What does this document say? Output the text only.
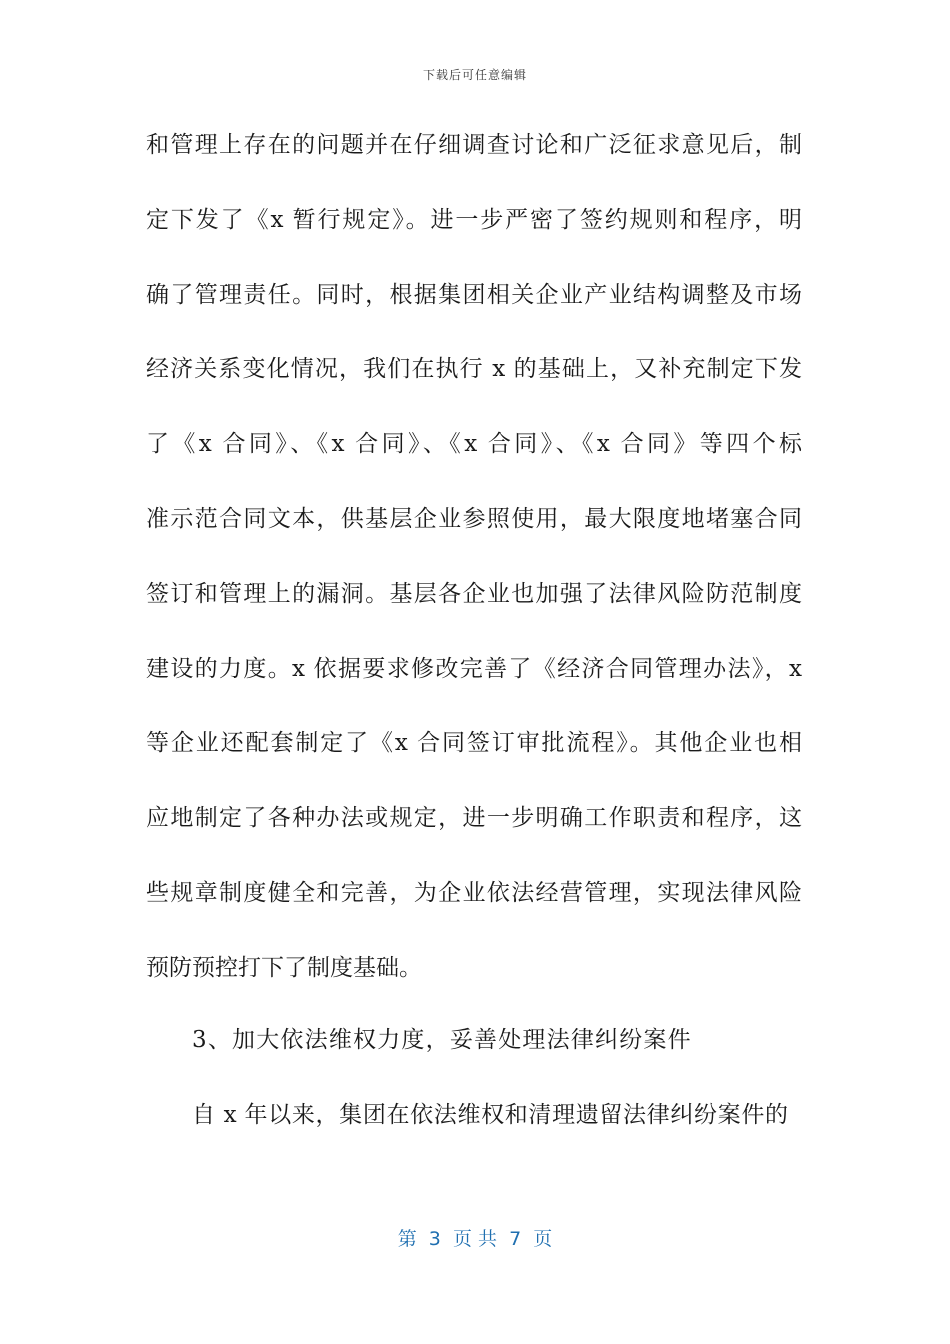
下载后可任意编辑
和管理上存在的问题并在仔细调查讨论和广泛征求意见后，制
定下发了《x 暂行规定》。进一步严密了签约规则和程序，明
确了管理责任。同时，根据集团相关企业产业结构调整及市场
经济关系变化情况，我们在执行 x 的基础上，又补充制定下发
了《x 合同》、《x 合同》、《x 合同》、《x 合同》等四个标
准示范合同文本，供基层企业参照使用，最大限度地堵塞合同
签订和管理上的漏洞。基层各企业也加强了法律风险防范制度
建设的力度。x 依据要求修改完善了《经济合同管理办法》，x
等企业还配套制定了《x 合同签订审批流程》。其他企业也相
应地制定了各种办法或规定，进一步明确工作职责和程序，这
些规章制度健全和完善，为企业依法经营管理，实现法律风险
预防预控打下了制度基础。
3、加大依法维权力度，妥善处理法律纠纷案件
自 x 年以来，集团在依法维权和清理遗留法律纠纷案件的
第  3  页 共  7  页
